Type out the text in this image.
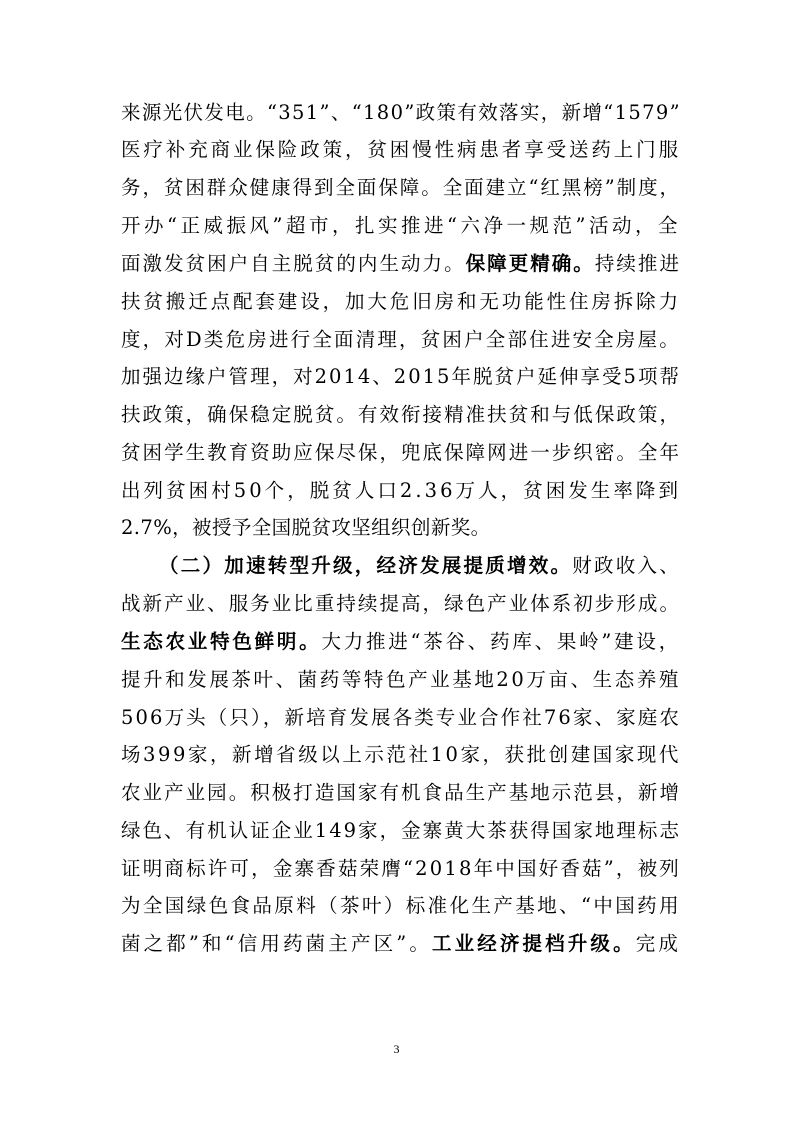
来源光伏发电。“351”、“180”政策有效落实，新增“1579”
医疗补充商业保险政策，贫困慢性病患者享受送药上门服
务，贫困群众健康得到全面保障。全面建立“红黑榜”制度，
开办“正威振风”超市，扎实推进“六净一规范”活动，全
面激发贫困户自主脱贫的内生动力。保障更精确。持续推进
扶贫搬迁点配套建设，加大危旧房和无功能性住房拆除力
度，对D类危房进行全面清理，贫困户全部住进安全房屋。
加强边缘户管理，对2014、2015年脱贫户延伸享受5项帮
扶政策，确保稳定脱贫。有效衔接精准扶贫和与低保政策，
贫困学生教育资助应保尽保，兜底保障网进一步织密。全年
出列贫困村50个，脱贫人口2.36万人，贫困发生率降到
2.7%，被授予全国脱贫攻坚组织创新奖。
（二）加速转型升级，经济发展提质增效。财政收入、
战新产业、服务业比重持续提高，绿色产业体系初步形成。
生态农业特色鲜明。大力推进“茶谷、药库、果岭”建设，
提升和发展茶叶、菌药等特色产业基地20万亩、生态养殖
506万头（只），新培育发展各类专业合作社76家、家庭农
场399家，新增省级以上示范社10家，获批创建国家现代
农业产业园。积极打造国家有机食品生产基地示范县，新增
绿色、有机认证企业149家，金寨黄大茶获得国家地理标志
证明商标许可，金寨香菇荣膺“2018年中国好香菇”，被列
为全国绿色食品原料（茶叶）标准化生产基地、“中国药用
菌之都”和“信用药菌主产区”。工业经济提档升级。完成
3
